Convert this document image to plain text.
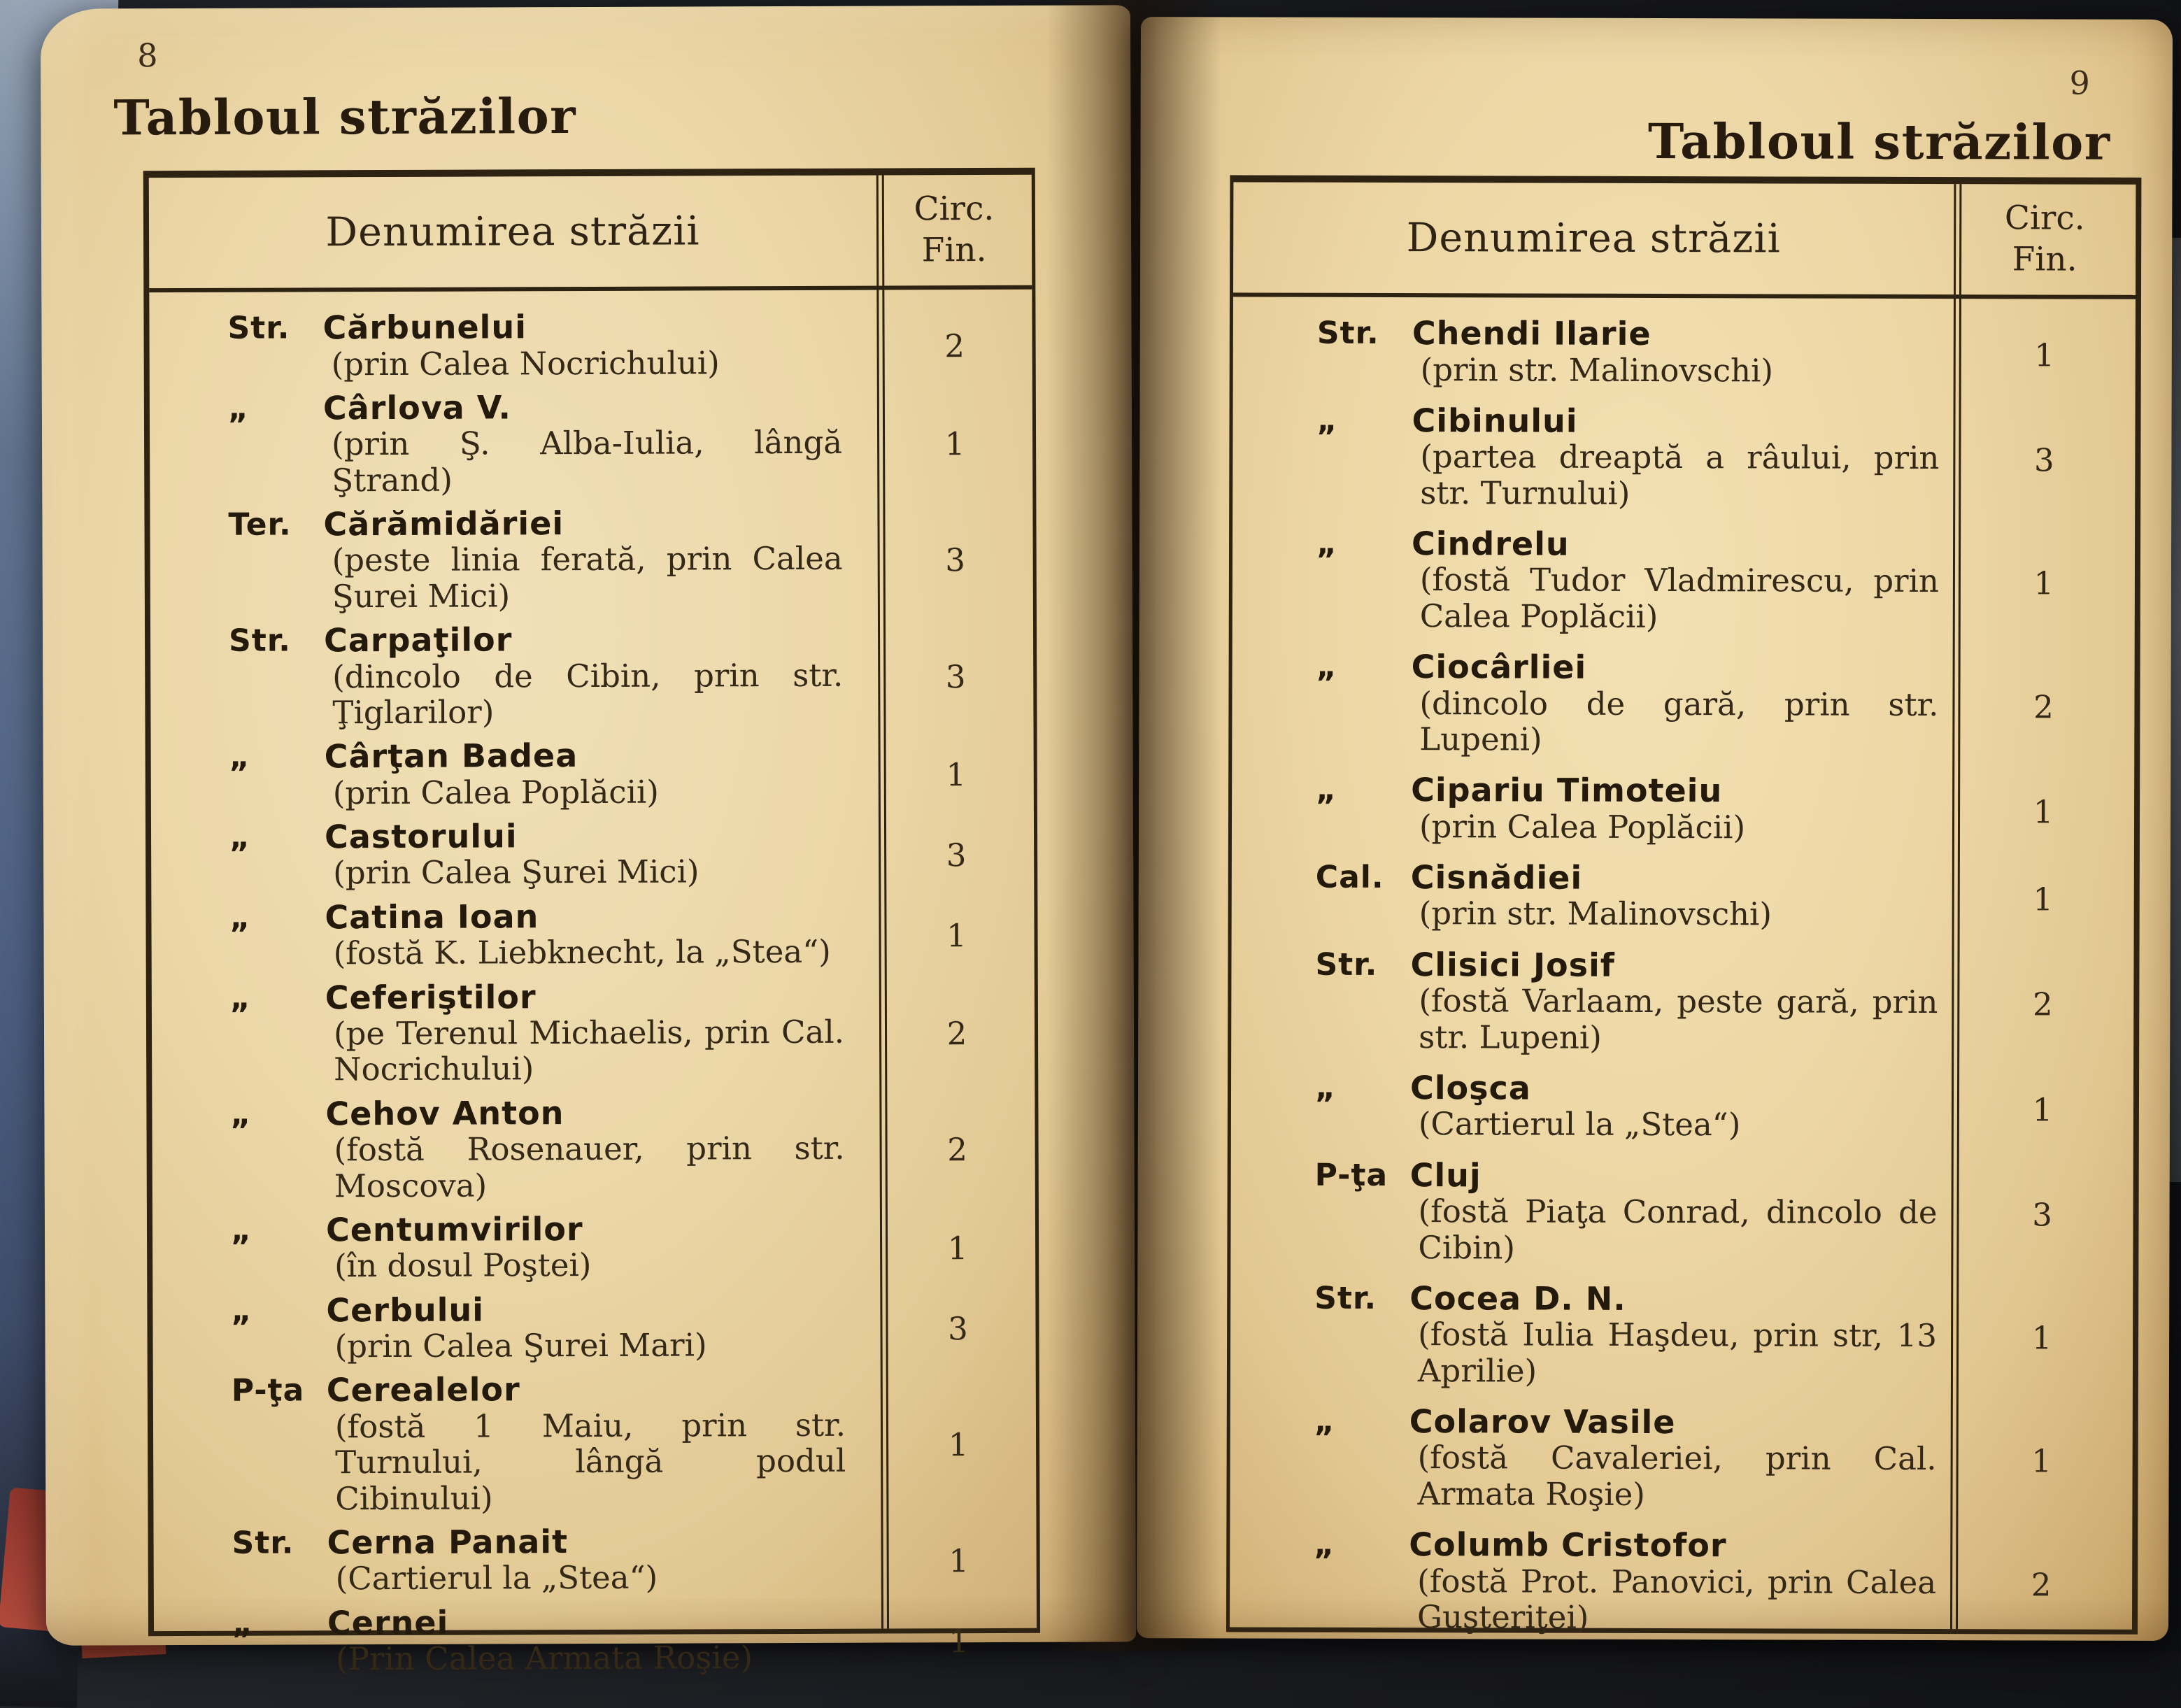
8
Tabloul străzilor
Denumirea străzii	Circ.
Fin.
Str.	Cărbunelui
(prin Calea Nocrichului)	2
„	Cârlova V.
(prin Ş. Alba-Iulia, lângă Ştrand)
1
Ter. Cărămidăriei
(peste linia ferată, prin Calea Şurei Mici)
3
Str.	Carpaţilor
(dincolo de Cibin, prin str. Ţiglarilor)
3
„	Cârţan Badea
(prin Calea Poplăcii)	1
„	Castorului
(prin Calea Şurei Mici)	3
„	Catina Ioan
(fostă K. Liebknecht, la „Stea“)	1
„	Ceferiştilor
(pe Terenul Michaelis, prin Cal. Nocrichului)
2
„	Cehov Anton
(fostă Rosenauer, prin str. Moscova)
2
„	Centumvirilor
(în dosul Poştei)	1
„	Cerbului
(prin Calea Şurei Mari)	3
P-ţa Cerealelor
(fostă 1 Maiu, prin str. Turnului, lângă podul Cibinului)
1
Str.	Cerna Panait
(Cartierul la „Stea“)	1
„	Cernei
(Prin Calea Armata Roşie)	1
9
Tabloul străzilor
Denumirea străzii	Circ.
Fin.
Str.	Chendi Ilarie
(prin str. Malinovschi)	1
„	Cibinului
(partea dreaptă a râului, prin str. Turnului)
3
„	Cindrelu
(fostă Tudor Vladmirescu, prin Calea Poplăcii)
1
„	Ciocârliei
(dincolo de gară, prin str. Lupeni)
2
„	Cipariu Timoteiu
(prin Calea Poplăcii)	1
Cal. Cisnădiei
(prin str. Malinovschi)	1
Str.	Clisici Josif
(fostă Varlaam, peste gară, prin str. Lupeni)
2
„	Cloşca
(Cartierul la „Stea“)	1
P-ţa Cluj
(fostă Piaţa Conrad, dincolo de Cibin)
3
Str.	Cocea D. N.
(fostă Iulia Haşdeu, prin str, 13 Aprilie)
1
„	Colarov Vasile
(fostă Cavaleriei, prin Cal. Armata Roşie)
1
„	Columb Cristofor
(fostă Prot. Panovici, prin Calea Guşteriţei)
2
